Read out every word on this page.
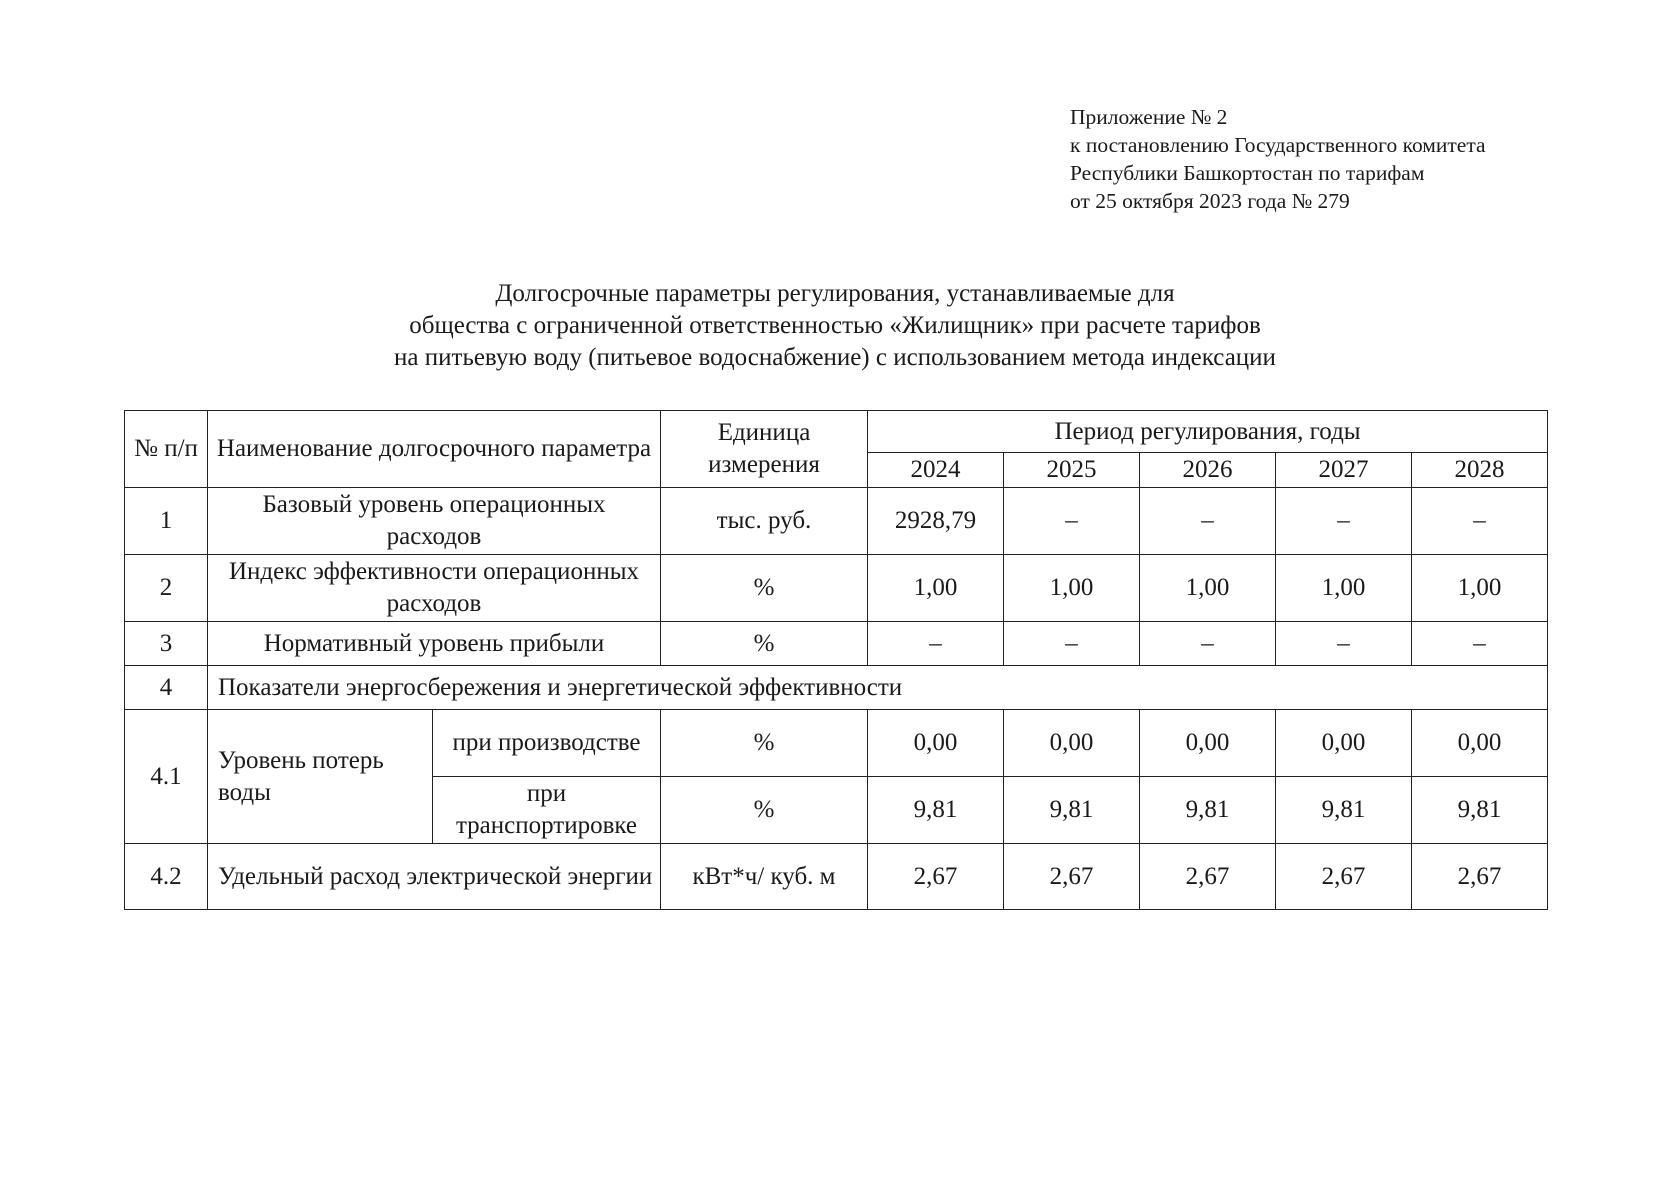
Приложение № 2
к постановлению Государственного комитета
Республики Башкортостан по тарифам
от 25 октября 2023 года № 279
Долгосрочные параметры регулирования, устанавливаемые для
общества с ограниченной ответственностью «Жилищник» при расчете тарифов
на питьевую воду (питьевое водоснабжение) с использованием метода индексации
№ п/п	Наименование долгосрочного параметра		Единица измерения	Период регулирования, годы				
				2024	2025	2026	2027	2028
1	Базовый уровень операционных расходов		тыс. руб.	2928,79	–	–	–	–
2	Индекс эффективности операционных расходов		%	1,00	1,00	1,00	1,00	1,00
3	Нормативный уровень прибыли		%	–	–	–	–	–
4	Показатели энергосбережения и энергетической эффективности							
4.1	Уровень потерь воды	при производстве	%	0,00	0,00	0,00	0,00	0,00
		при транспортировке	%	9,81	9,81	9,81	9,81	9,81
4.2	Удельный расход электрической энергии		кВт*ч/ куб. м	2,67	2,67	2,67	2,67	2,67
